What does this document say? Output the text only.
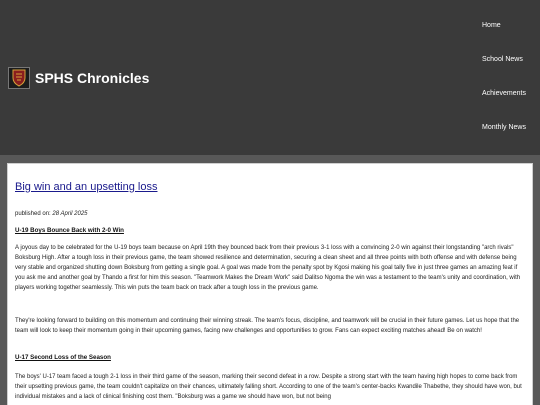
SPHS Chronicles
Home
School News
Achievements
Monthly News
Big win and an upsetting loss
published on: 28 April 2025
U-19 Boys Bounce Back with 2-0 Win

A joyous day to be celebrated for the U-19 boys team because on April 19th they bounced back from their previous 3-1 loss with a convincing 2-0 win against their longstanding "arch rivals" Boksburg High. After a tough loss in their previous game, the team showed resilience and determination, securing a clean sheet and all three points with both offense and with defense being very stable and organized shutting down Boksburg from getting a single goal. A goal was made from the penalty spot by Kgosi making his goal tally five in just three games an amazing feat if you ask me and another goal by Thando a first for him this season. "Teamwork Makes the Dream Work" said Dalitso Ngoma the win was a testament to the team's unity and coordination, with players working together seamlessly. This win puts the team back on track after a tough loss in the previous game.

They're looking forward to building on this momentum and continuing their winning streak. The team's focus, discipline, and teamwork will be crucial in their future games. Let us hope that the team will look to keep their momentum going in their upcoming games, facing new challenges and opportunities to grow. Fans can expect exciting matches ahead! Be on watch!

U-17 Second Loss of the Season

The boys' U-17 team faced a tough 2-1 loss in their third game of the season, marking their second defeat in a row. Despite a strong start with the team having high hopes to come back from their upsetting previous game, the team couldn't capitalize on their chances, ultimately falling short. According to one of the team's center-backs Kwandile Thabethe, they should have won, but individual mistakes and a lack of clinical finishing cost them. "Boksburg was a game we should have won, but not being
